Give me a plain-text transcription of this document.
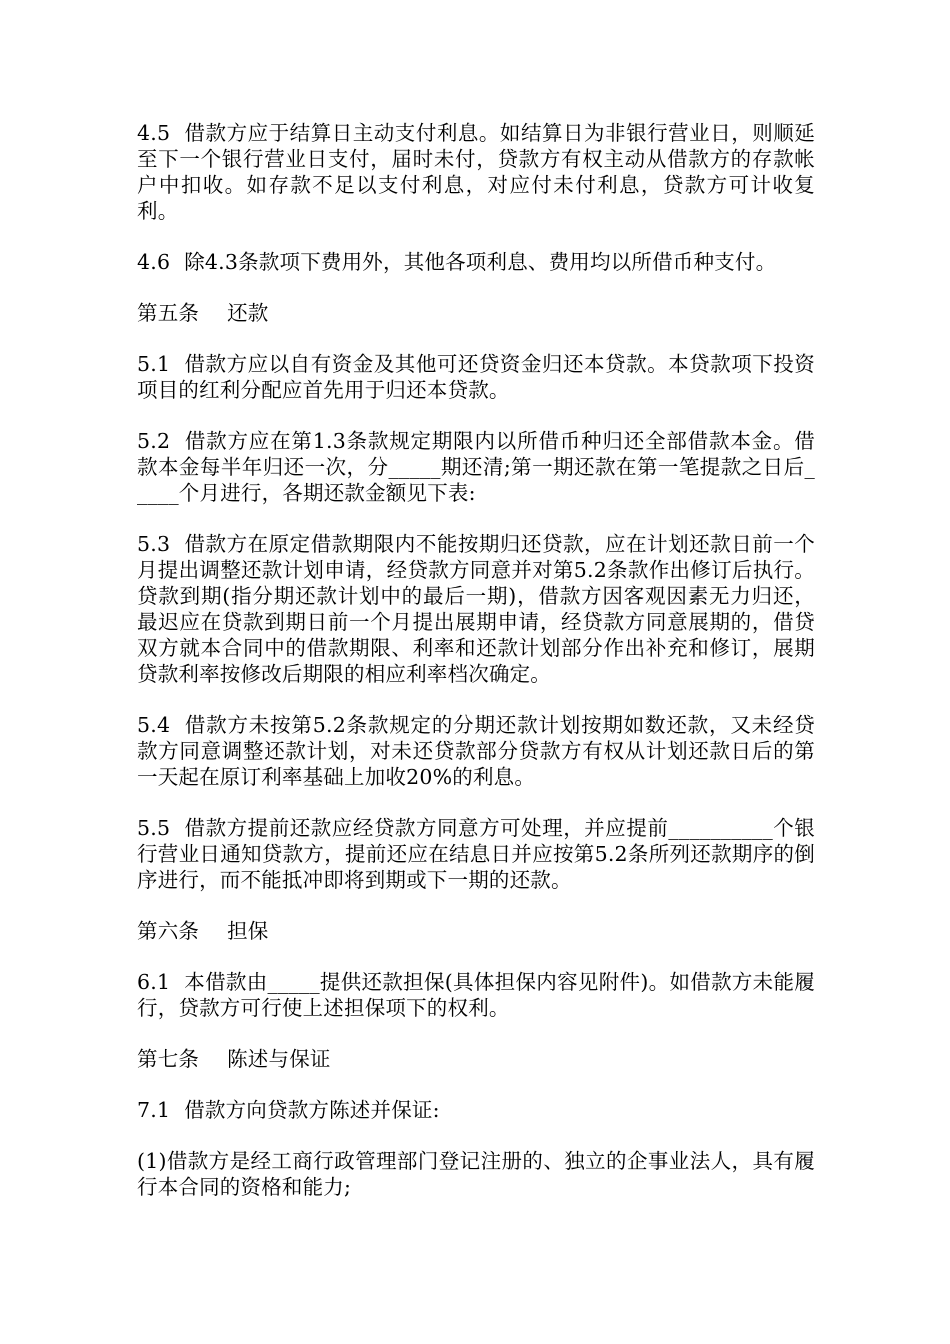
4.5 借款方应于结算日主动支付利息。如结算日为非银行营业日，则顺延至下一个银行营业日支付，届时未付，贷款方有权主动从借款方的存款帐户中扣收。如存款不足以支付利息，对应付未付利息，贷款方可计收复利。

4.6 除4.3条款项下费用外，其他各项利息、费用均以所借币种支付。

第五条 还款

5.1 借款方应以自有资金及其他可还贷资金归还本贷款。本贷款项下投资项目的红利分配应首先用于归还本贷款。

5.2 借款方应在第1.3条款规定期限内以所借币种归还全部借款本金。借款本金每半年归还一次，分_____期还清;第一期还款在第一笔提款之日后_____个月进行，各期还款金额见下表:

5.3 借款方在原定借款期限内不能按期归还贷款，应在计划还款日前一个月提出调整还款计划申请，经贷款方同意并对第5.2条款作出修订后执行。贷款到期(指分期还款计划中的最后一期)，借款方因客观因素无力归还，最迟应在贷款到期日前一个月提出展期申请，经贷款方同意展期的，借贷双方就本合同中的借款期限、利率和还款计划部分作出补充和修订，展期贷款利率按修改后期限的相应利率档次确定。

5.4 借款方未按第5.2条款规定的分期还款计划按期如数还款，又未经贷款方同意调整还款计划，对未还贷款部分贷款方有权从计划还款日后的第一天起在原订利率基础上加收20%的利息。

5.5 借款方提前还款应经贷款方同意方可处理，并应提前__________个银行营业日通知贷款方，提前还应在结息日并应按第5.2条所列还款期序的倒序进行，而不能抵冲即将到期或下一期的还款。

第六条 担保

6.1 本借款由_____提供还款担保(具体担保内容见附件)。如借款方未能履行，贷款方可行使上述担保项下的权利。

第七条 陈述与保证

7.1 借款方向贷款方陈述并保证:

(1)借款方是经工商行政管理部门登记注册的、独立的企事业法人，具有履行本合同的资格和能力;
